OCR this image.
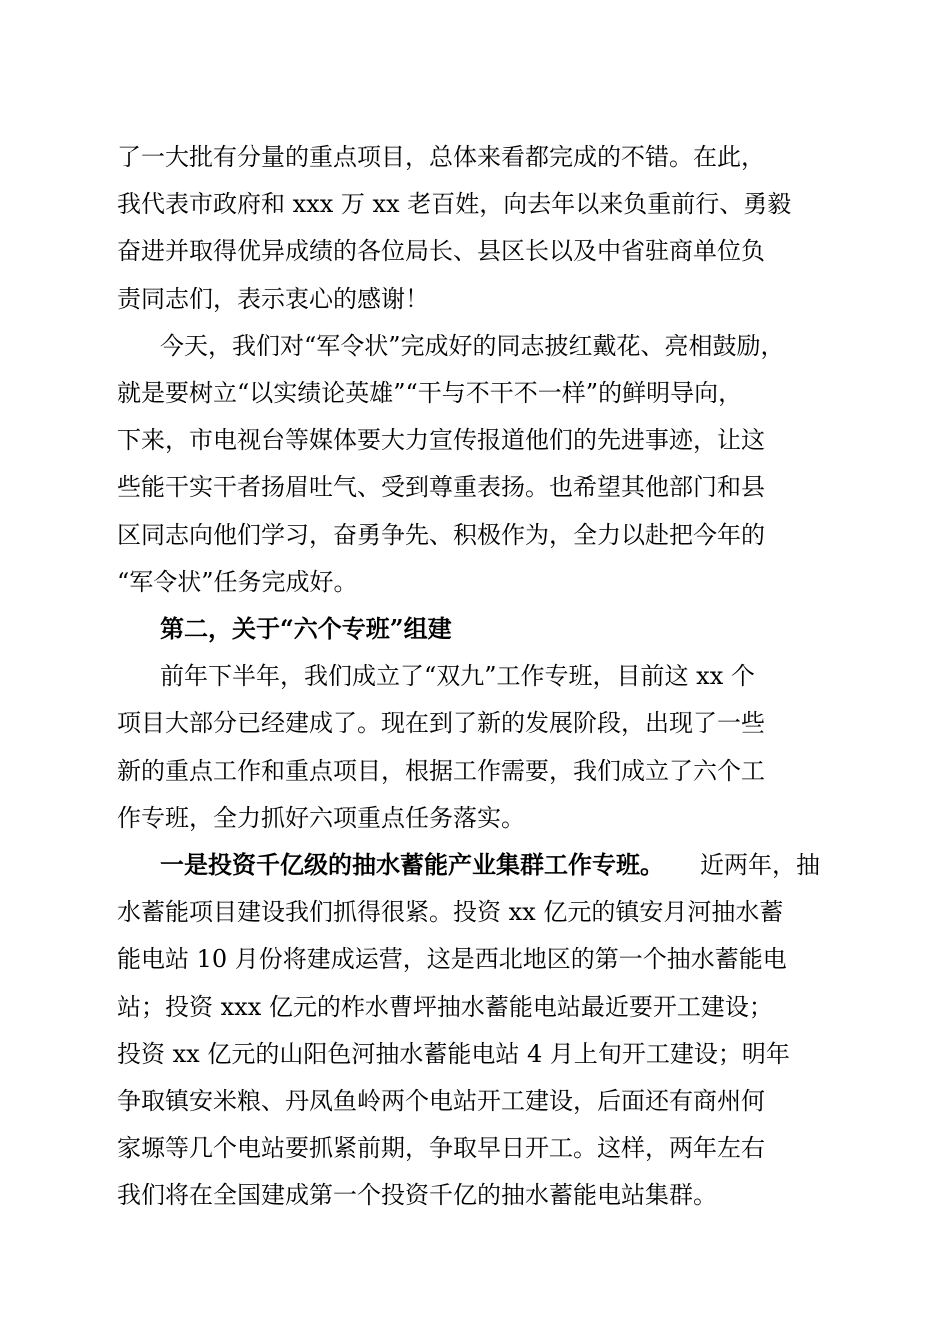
了一大批有分量的重点项目，总体来看都完成的不错。在此，
我代表市政府和 xxx 万 xx 老百姓，向去年以来负重前行、勇毅
奋进并取得优异成绩的各位局长、县区长以及中省驻商单位负
责同志们，表示衷心的感谢！
今天，我们对“军令状”完成好的同志披红戴花、亮相鼓励，
就是要树立“以实绩论英雄”“干与不干不一样”的鲜明导向，
下来，市电视台等媒体要大力宣传报道他们的先进事迹，让这
些能干实干者扬眉吐气、受到尊重表扬。也希望其他部门和县
区同志向他们学习，奋勇争先、积极作为，全力以赴把今年的
“军令状”任务完成好。
第二，关于“六个专班”组建
前年下半年，我们成立了“双九”工作专班，目前这 xx 个
项目大部分已经建成了。现在到了新的发展阶段，出现了一些
新的重点工作和重点项目，根据工作需要，我们成立了六个工
作专班，全力抓好六项重点任务落实。
一是投资千亿级的抽水蓄能产业集群工作专班。 近两年，抽
水蓄能项目建设我们抓得很紧。投资 xx 亿元的镇安月河抽水蓄
能电站 10 月份将建成运营，这是西北地区的第一个抽水蓄能电
站；投资 xxx 亿元的柞水曹坪抽水蓄能电站最近要开工建设；
投资 xx 亿元的山阳色河抽水蓄能电站 4 月上旬开工建设；明年
争取镇安米粮、丹凤鱼岭两个电站开工建设，后面还有商州何
家塬等几个电站要抓紧前期，争取早日开工。这样，两年左右
我们将在全国建成第一个投资千亿的抽水蓄能电站集群。
